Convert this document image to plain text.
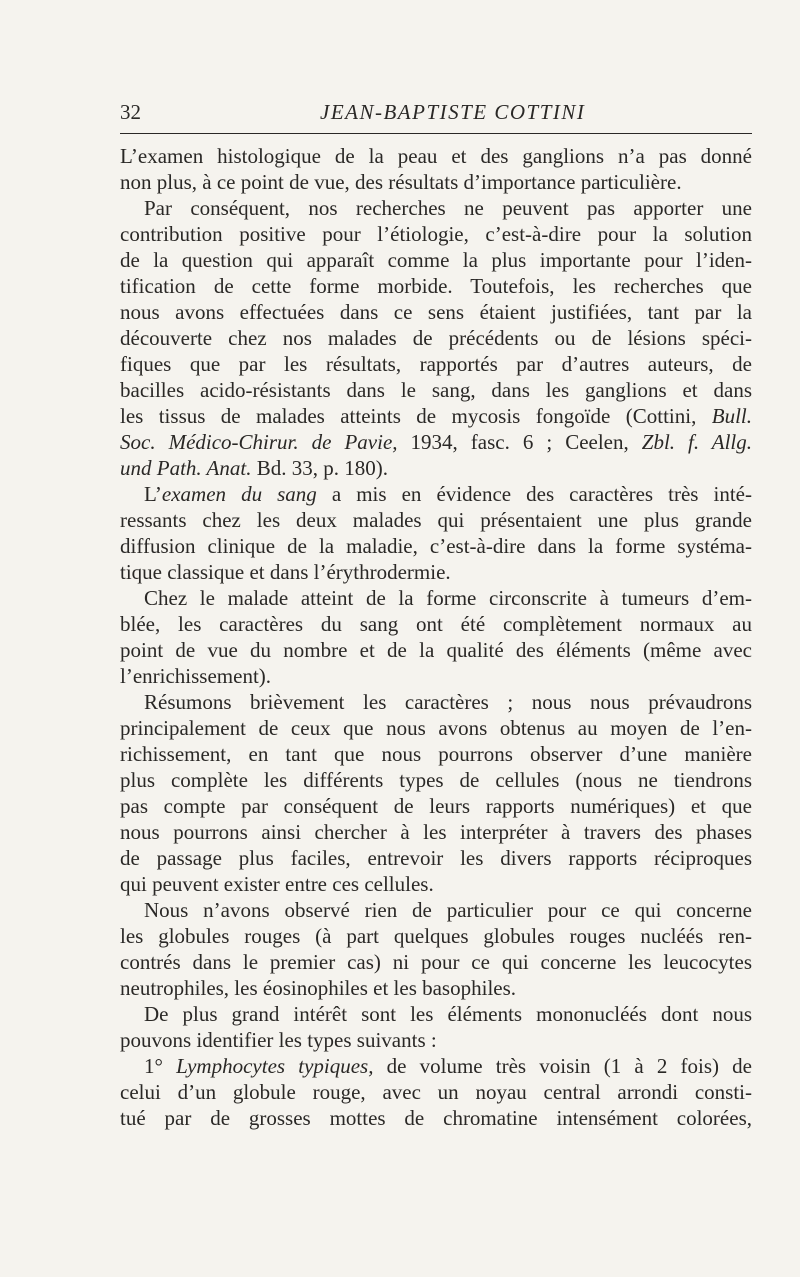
32	JEAN-BAPTISTE COTTINI
L’examen histologique de la peau et des ganglions n’a pas donné
non plus, à ce point de vue, des résultats d’importance particulière.
Par conséquent, nos recherches ne peuvent pas apporter une
contribution positive pour l’étiologie, c’est-à-dire pour la solution
de la question qui apparaît comme la plus importante pour l’iden-
tification de cette forme morbide. Toutefois, les recherches que
nous avons effectuées dans ce sens étaient justifiées, tant par la
découverte chez nos malades de précédents ou de lésions spéci-
fiques que par les résultats, rapportés par d’autres auteurs, de
bacilles acido-résistants dans le sang, dans les ganglions et dans
les tissus de malades atteints de mycosis fongoïde (Cottini, Bull.
Soc. Médico-Chirur. de Pavie, 1934, fasc. 6 ; Ceelen, Zbl. f. Allg.
und Path. Anat. Bd. 33, p. 180).
L’examen du sang a mis en évidence des caractères très inté-
ressants chez les deux malades qui présentaient une plus grande
diffusion clinique de la maladie, c’est-à-dire dans la forme systéma-
tique classique et dans l’érythrodermie.
Chez le malade atteint de la forme circonscrite à tumeurs d’em-
blée, les caractères du sang ont été complètement normaux au
point de vue du nombre et de la qualité des éléments (même avec
l’enrichissement).
Résumons brièvement les caractères ; nous nous prévaudrons
principalement de ceux que nous avons obtenus au moyen de l’en-
richissement, en tant que nous pourrons observer d’une manière
plus complète les différents types de cellules (nous ne tiendrons
pas compte par conséquent de leurs rapports numériques) et que
nous pourrons ainsi chercher à les interpréter à travers des phases
de passage plus faciles, entrevoir les divers rapports réciproques
qui peuvent exister entre ces cellules.
Nous n’avons observé rien de particulier pour ce qui concerne
les globules rouges (à part quelques globules rouges nucléés ren-
contrés dans le premier cas) ni pour ce qui concerne les leucocytes
neutrophiles, les éosinophiles et les basophiles.
De plus grand intérêt sont les éléments mononucléés dont nous
pouvons identifier les types suivants :
1° Lymphocytes typiques, de volume très voisin (1 à 2 fois) de
celui d’un globule rouge, avec un noyau central arrondi consti-
tué par de grosses mottes de chromatine intensément colorées,
